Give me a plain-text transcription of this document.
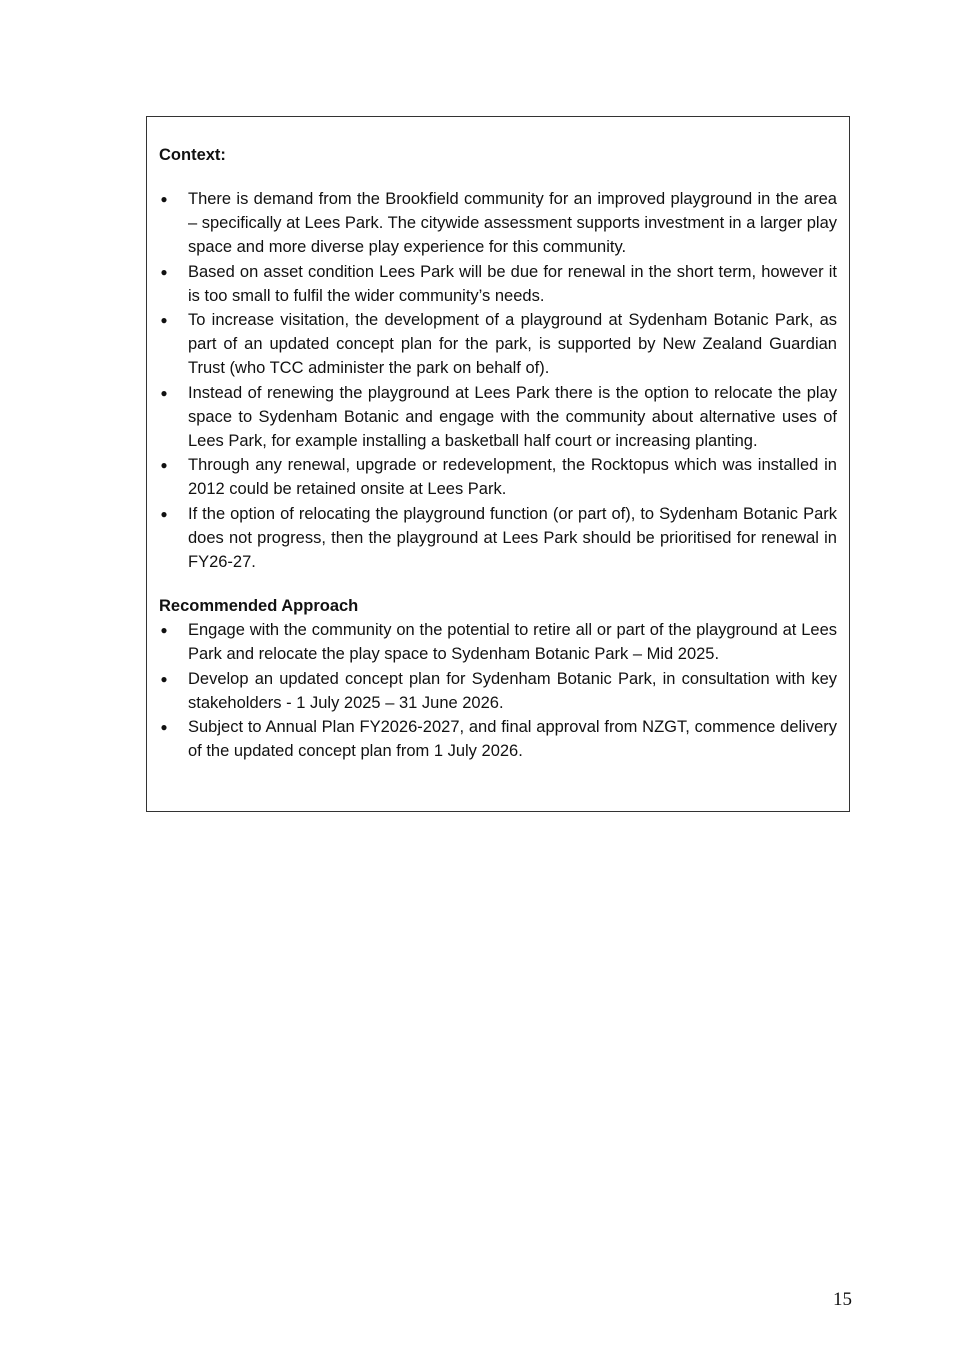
Context:

● There is demand from the Brookfield community for an improved playground in the area – specifically at Lees Park. The citywide assessment supports investment in a larger play space and more diverse play experience for this community.
● Based on asset condition Lees Park will be due for renewal in the short term, however it is too small to fulfil the wider community’s needs.
● To increase visitation, the development of a playground at Sydenham Botanic Park, as part of an updated concept plan for the park, is supported by New Zealand Guardian Trust (who TCC administer the park on behalf of).
● Instead of renewing the playground at Lees Park there is the option to relocate the play space to Sydenham Botanic and engage with the community about alternative uses of Lees Park, for example installing a basketball half court or increasing planting.
● Through any renewal, upgrade or redevelopment, the Rocktopus which was installed in 2012 could be retained onsite at Lees Park.
● If the option of relocating the playground function (or part of), to Sydenham Botanic Park does not progress, then the playground at Lees Park should be prioritised for renewal in FY26-27.

Recommended Approach

● Engage with the community on the potential to retire all or part of the playground at Lees Park and relocate the play space to Sydenham Botanic Park – Mid 2025.
● Develop an updated concept plan for Sydenham Botanic Park, in consultation with key stakeholders - 1 July 2025 – 31 June 2026.
● Subject to Annual Plan FY2026-2027, and final approval from NZGT, commence delivery of the updated concept plan from 1 July 2026.
15
